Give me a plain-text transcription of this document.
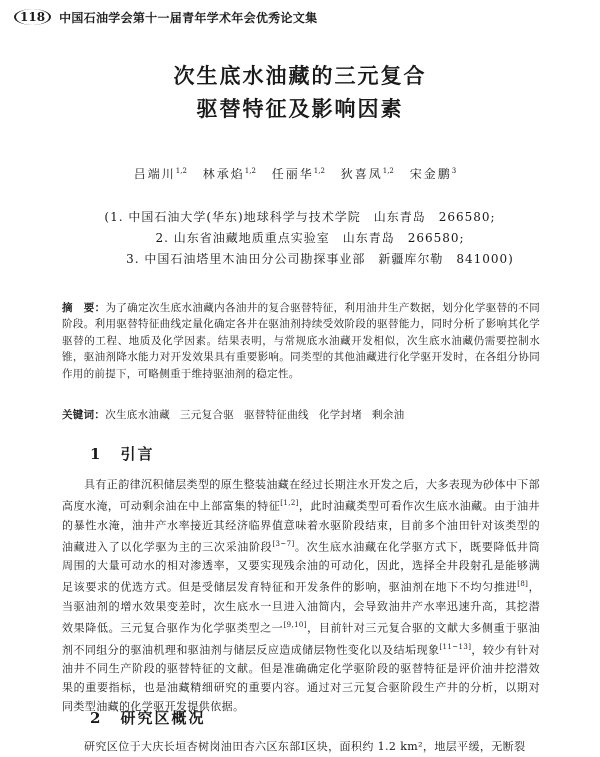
118	中国石油学会第十一届青年学术年会优秀论文集
次生底水油藏的三元复合
驱替特征及影响因素
吕端川$^{1,2}$ 林承焰$^{1,2}$ 任丽华$^{1,2}$ 狄喜凤$^{1,2}$ 宋金鹏$^3$
(1. 中国石油大学(华东)地球科学与技术学院　山东青岛　266580;
2. 山东省油藏地质重点实验室　山东青岛　266580;
3. 中国石油塔里木油田分公司勘探事业部　新疆库尔勒　841000)
摘　要：为了确定次生底水油藏内各油井的复合驱替特征，利用油井生产数据，划分化学驱替的不同阶段。利用驱替特征曲线定量化确定各井在驱油剂持续受效阶段的驱替能力，同时分析了影响其化学驱替的工程、地质及化学因素。结果表明，与常规底水油藏开发相似，次生底水油藏仍需要控制水锥，驱油剂降水能力对开发效果具有重要影响。同类型的其他油藏进行化学驱开发时，在各组分协同作用的前提下，可略侧重于维持驱油剂的稳定性。
关键词：次生底水油藏 三元复合驱 驱替特征曲线 化学封堵 剩余油
1 引言
具有正韵律沉积储层类型的原生整装油藏在经过长期注水开发之后，大多表现为砂体中下部高度水淹，可动剩余油在中上部富集的特征[1,2]，此时油藏类型可看作次生底水油藏。由于油井的暴性水淹，油井产水率接近其经济临界值意味着水驱阶段结束，目前多个油田针对该类型的油藏进入了以化学驱为主的三次采油阶段[3~7]。次生底水油藏在化学驱方式下，既要降低井筒周围的大量可动水的相对渗透率，又要实现残余油的可动化，因此，选择全井段射孔是能够满足该要求的优选方式。但是受储层发育特征和开发条件的影响，驱油剂在地下不均匀推进[8]，当驱油剂的增水效果变差时，次生底水一旦进入油简内，会导致油井产水率迅速升高，其挖潜效果降低。三元复合驱作为化学驱类型之一[9,10]，目前针对三元复合驱的文献大多侧重于驱油剂不同组分的驱油机理和驱油剂与储层反应造成储层物性变化以及结垢现象[11~13]，较少有针对油井不同生产阶段的驱替特征的文献。但是准确确定化学驱阶段的驱替特征是评价油井挖潜效果的重要指标，也是油藏精细研究的重要内容。通过对三元复合驱阶段生产井的分析，以期对同类型油藏的化学驱开发提供依据。
2 研究区概况
研究区位于大庆长垣杏树岗油田杏六区东部Ⅰ区块，面积约 1.2 km²，地层平缓，无断裂
